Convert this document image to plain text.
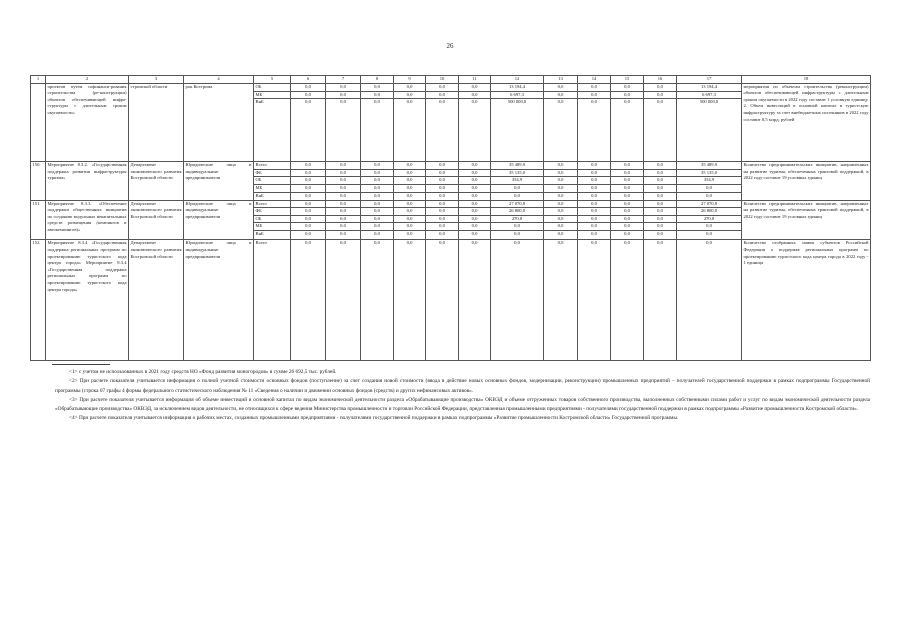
26
1	2	3	4	5	6	7	8	9	10	11	12	13	14	15	16	17	18
	проектов путем софинанси-рования строительства (ре-конструкции) объектов обеспечивающей инфра-структуры с длительным сроком окупаемости»	стромской области	рок Кострома	ОБ	0,0	0,0	0,0	0,0	0,0	0,0	13 194,4	0,0	0,0	0,0	0,0	13 194,4	мероприятия по объектам строительства (реконструкции) объектов обеспечивающей инфраструктуры с длительным сроком окупаемости в 2022 году составит 1 условную единицу. 2. Объем инвестиций в основной капитал в туристскую инфраструктуру за счет внебюджетных источников в 2022 году составит 0,5 млрд. рублей
				МБ	0,0	0,0	0,0	0,0	0,0	0,0	6 697,3	0,0	0,0	0,0	0,0	6 697,3	
				ВнБ	0,0	0,0	0,0	0,0	0,0	0,0	500 000,0	0,0	0,0	0,0	0,0	500 000,0	
150.	Мероприятие 8.3.2. «Государственная поддержка развития инфраструктуры туризма»	Департамент экономического развития Костромской области	Юридические лица и индивидуальные предприниматели	Всего	0,0	0,0	0,0	0,0	0,0	0,0	35 489,9	0,0	0,0	0,0	0,0	35 489,9	Количество предпринимательских инициатив, направленных на развитие туризма, обеспеченных грантовой поддержкой, в 2022 году составит 19 условных единиц
				ФБ	0,0	0,0	0,0	0,0	0,0	0,0	35 135,0	0,0	0,0	0,0	0,0	35 135,0	
				ОБ	0,0	0,0	0,0	0,0	0,0	0,0	354,9	0,0	0,0	0,0	0,0	354,9	
				МБ	0,0	0,0	0,0	0,0	0,0	0,0	0,0	0,0	0,0	0,0	0,0	0,0	
				ВнБ	0,0	0,0	0,0	0,0	0,0	0,0	0,0	0,0	0,0	0,0	0,0	0,0	
151.	Мероприятие 8.3.3. «Обеспечение поддержки общественных инициатив по созданию модульных некапитальных средств размещения (кемпингов и автокемпингов)»	Департамент экономического развития Костромской области	Юридические лица и индивидуальные предприниматели	Всего	0,0	0,0	0,0	0,0	0,0	0,0	27 070,8	0,0	0,0	0,0	0,0	27 070,8	Количество предпринимательских инициатив, направленных на развитие туризма, обеспеченных грантовой поддержкой, в 2022 году составит 19 условных единиц
				ФБ	0,0	0,0	0,0	0,0	0,0	0,0	26 800,0	0,0	0,0	0,0	0,0	26 800,0	
				ОБ	0,0	0,0	0,0	0,0	0,0	0,0	270,8	0,0	0,0	0,0	0,0	270,8	
				МБ	0,0	0,0	0,0	0,0	0,0	0,0	0,0	0,0	0,0	0,0	0,0	0,0	
				ВнБ	0,0	0,0	0,0	0,0	0,0	0,0	0,0	0,0	0,0	0,0	0,0	0,0	
152.	Мероприятие 8.3.4 «Государственная поддержка региональных программ по проектированию туристского кода центра города» Мероприятие 8.3.4 «Государственная поддержка региональных программ по проектированию туристского кода центра города»	Департамент экономического развития Костромской области	Юридические лица и индивидуальные предприниматели	Всего	0,0	0,0	0,0	0,0	0,0	0,0	0,0	0,0	0,0	0,0	0,0	0,0	Количество отобранных заявок субъектов Российской Федерации о поддержке региональных программ по проектированию туристского кода центра города в 2022 году - 1 единица

<1> с учетом не использованных в 2021 году средств НО «Фонд развития моногородов» в сумме 26 692,5 тыс. рублей.

<2> При расчете показателя учитывается информация о полной учетной стоимости основных фондов (поступление) за счет создания новой стоимости (ввода в действие новых основных фондов, модернизации, реконструкции) промышленных предприятий – получателей государственной поддержки в рамках подпрограммы Государственной программы (строка 07 графы 4 формы федерального статистического наблюдения № 11 «Сведения о наличии и движении основных фондов (средств) и других нефинансовых активов».

<3> При расчете показателя учитывается информация об объеме инвестиций в основной капитал по видам экономической деятельности раздела «Обрабатывающие производства» ОКВЭД и объеме отгруженных товаров собственного производства, выполненных собственными силами работ и услуг по видам экономической деятельности раздела «Обрабатывающие производства» ОКВЭД, за исключением видов деятельности, не относящихся к сфере ведения Министерства промышленности и торговли Российской Федерации, представленная промышленными предприятиями - получателями государственной поддержки в рамках подпрограммы «Развитие промышленности Костромской области».

<4> При расчете показателя учитывается информация о рабочих местах, созданных промышленными предприятиями - получателями государственной поддержки в рамках подпрограммы «Развитие промышленности Костромской области» Государственной программы.
